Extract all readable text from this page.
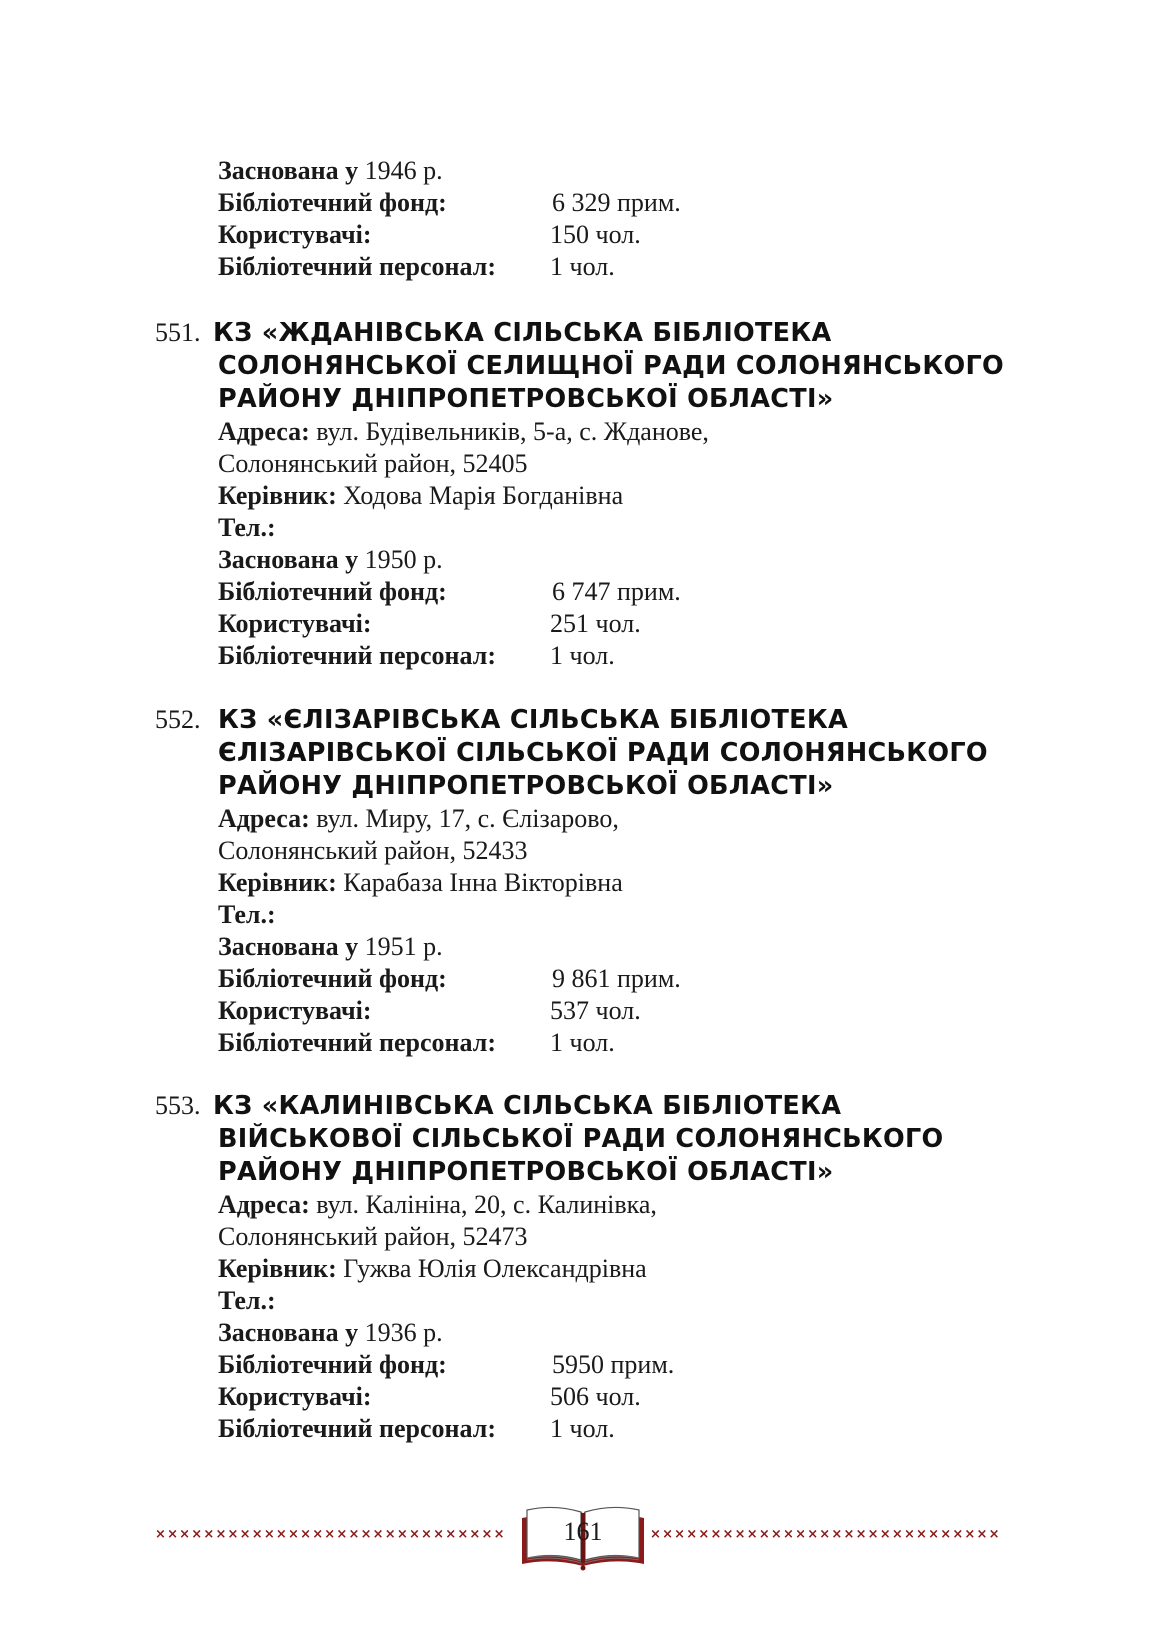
Заснована у 1946 р.
Бібліотечний фонд:	6 329 прим.
Користувачі:	150 чол.
Бібліотечний персонал: 1 чол.
551. КЗ «ЖДАНІВСЬКА СІЛЬСЬКА БІБЛІОТЕКА
СОЛОНЯНСЬКОЇ СЕЛИЩНОЇ РАДИ СОЛОНЯНСЬКОГО
РАЙОНУ ДНІПРОПЕТРОВСЬКОЇ ОБЛАСТІ»
Адреса: вул. Будівельників, 5-а, с. Жданове,
Солонянський район, 52405
Керівник: Ходова Марія Богданівна
Тел.:
Заснована у 1950 р.
Бібліотечний фонд:	6 747 прим.
Користувачі:	251 чол.
Бібліотечний персонал: 1 чол.
552. КЗ «ЄЛІЗАРІВСЬКА СІЛЬСЬКА БІБЛІОТЕКА
ЄЛІЗАРІВСЬКОЇ СІЛЬСЬКОЇ РАДИ СОЛОНЯНСЬКОГО
РАЙОНУ ДНІПРОПЕТРОВСЬКОЇ ОБЛАСТІ»
Адреса: вул. Миру, 17, с. Єлізарово,
Солонянський район, 52433
Керівник: Карабаза Інна Вікторівна
Тел.:
Заснована у 1951 р.
Бібліотечний фонд:	9 861 прим.
Користувачі:	537 чол.
Бібліотечний персонал: 1 чол.
553. КЗ «КАЛИНІВСЬКА СІЛЬСЬКА БІБЛІОТЕКА
ВІЙСЬКОВОЇ СІЛЬСЬКОЇ РАДИ СОЛОНЯНСЬКОГО
РАЙОНУ ДНІПРОПЕТРОВСЬКОЇ ОБЛАСТІ»
Адреса: вул. Калініна, 20, с. Калинівка,
Солонянський район, 52473
Керівник: Гужва Юлія Олександрівна
Тел.:
Заснована у 1936 р.
Бібліотечний фонд:	5950 прим.
Користувачі:	506 чол.
Бібліотечний персонал: 1 чол.
×××××××××××××××××××××××××××××	×××××××××××××××××××××××××××××
161
